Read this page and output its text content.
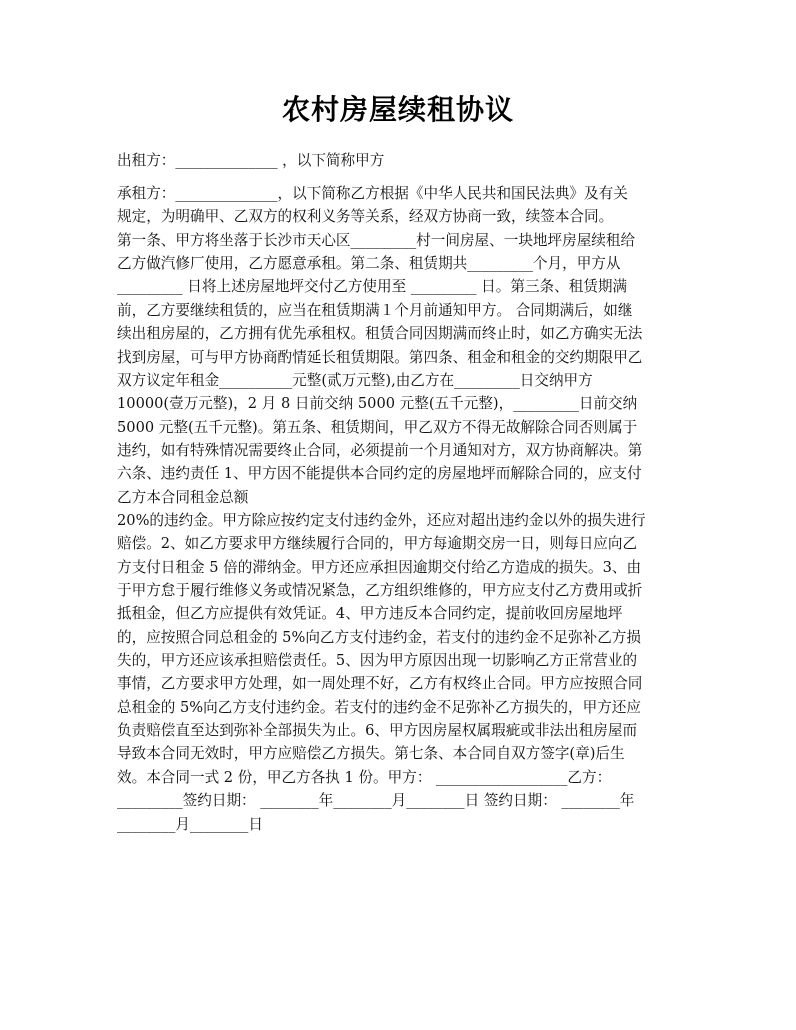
农村房屋续租协议
出租方：______________ ，以下简称甲方
承租方：______________，以下简称乙方根据《中华人民共和国民法典》及有关
规定，为明确甲、乙双方的权利义务等关系，经双方协商一致，续签本合同。
第一条、甲方将坐落于长沙市天心区_________村一间房屋、一块地坪房屋续租给
乙方做汽修厂使用，乙方愿意承租。第二条、租赁期共_________个月，甲方从
_________ 日将上述房屋地坪交付乙方使用至 _________ 日。第三条、租赁期满
前，乙方要继续租赁的，应当在租赁期满１个月前通知甲方。 合同期满后，如继
续出租房屋的，乙方拥有优先承租权。租赁合同因期满而终止时，如乙方确实无法
找到房屋，可与甲方协商酌情延长租赁期限。第四条、租金和租金的交约期限甲乙
双方议定年租金__________元整(贰万元整),由乙方在_________日交纳甲方
10000(壹万元整)，2 月 8 日前交纳 5000 元整(五千元整)，_________日前交纳
5000 元整(五千元整)。第五条、租赁期间，甲乙双方不得无故解除合同否则属于
违约，如有特殊情况需要终止合同，必须提前一个月通知对方，双方协商解决。第
六条、违约责任 1、甲方因不能提供本合同约定的房屋地坪而解除合同的，应支付
乙方本合同租金总额
20%的违约金。甲方除应按约定支付违约金外，还应对超出违约金以外的损失进行
赔偿。2、如乙方要求甲方继续履行合同的，甲方每逾期交房一日，则每日应向乙
方支付日租金 5 倍的滞纳金。甲方还应承担因逾期交付给乙方造成的损失。3、由
于甲方怠于履行维修义务或情况紧急，乙方组织维修的，甲方应支付乙方费用或折
抵租金，但乙方应提供有效凭证。4、甲方违反本合同约定，提前收回房屋地坪
的，应按照合同总租金的 5%向乙方支付违约金，若支付的违约金不足弥补乙方损
失的，甲方还应该承担赔偿责任。5、因为甲方原因出现一切影响乙方正常营业的
事情，乙方要求甲方处理，如一周处理不好，乙方有权终止合同。甲方应按照合同
总租金的 5%向乙方支付违约金。若支付的违约金不足弥补乙方损失的，甲方还应
负责赔偿直至达到弥补全部损失为止。6、甲方因房屋权属瑕疵或非法出租房屋而
导致本合同无效时，甲方应赔偿乙方损失。第七条、本合同自双方签字(章)后生
效。本合同一式 2 份，甲乙方各执 1 份。甲方： __________________乙方：
_________签约日期： ________年________月________日 签约日期： ________年
________月________日
